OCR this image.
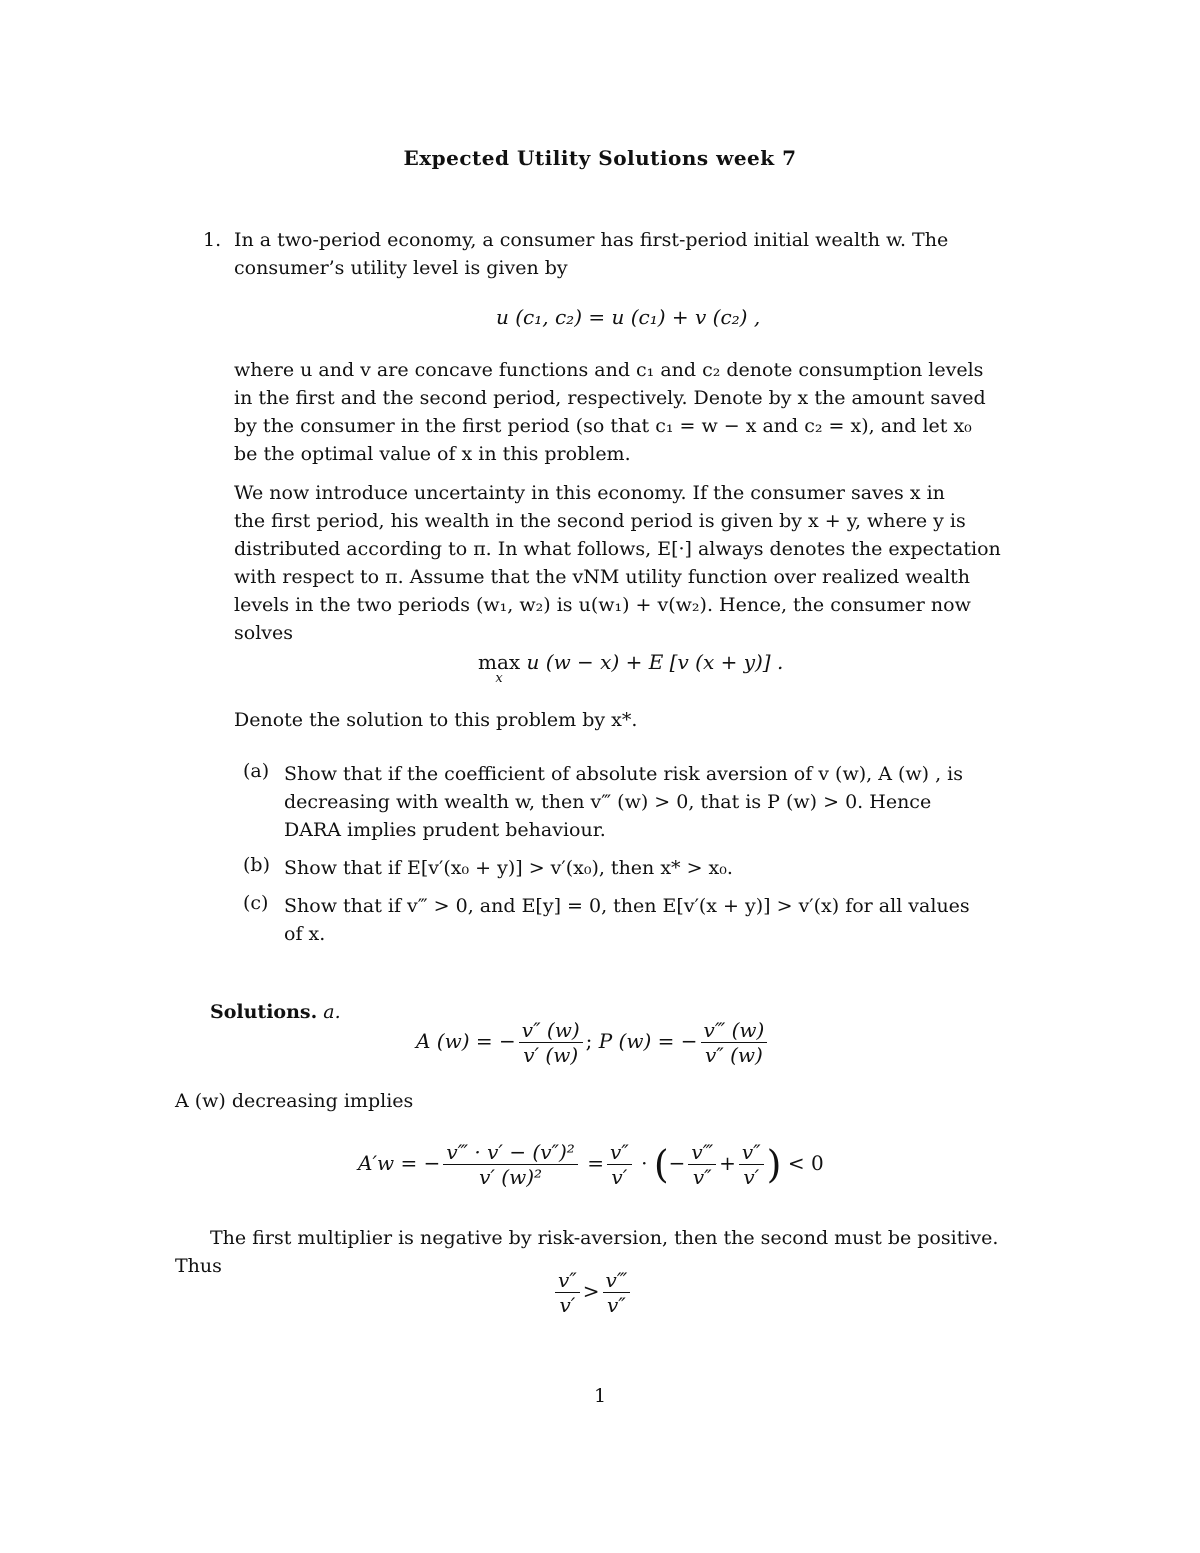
Expected Utility Solutions week 7
1. In a two-period economy, a consumer has first-period initial wealth w. The
consumer’s utility level is given by
u (c₁, c₂) = u (c₁) + v (c₂) ,
where u and v are concave functions and c₁ and c₂ denote consumption levels
in the first and the second period, respectively. Denote by x the amount saved
by the consumer in the first period (so that c₁ = w − x and c₂ = x), and let x₀
be the optimal value of x in this problem.
We now introduce uncertainty in this economy. If the consumer saves x in
the first period, his wealth in the second period is given by x + y, where y is
distributed according to π. In what follows, E[·] always denotes the expectation
with respect to π. Assume that the vNM utility function over realized wealth
levels in the two periods (w₁, w₂) is u(w₁) + v(w₂). Hence, the consumer now
solves
max
x
u (w − x) + E [v (x + y)] .
Denote the solution to this problem by x*.
(a) Show that if the coefficient of absolute risk aversion of v (w), A (w) , is
decreasing with wealth w, then v‴ (w) > 0, that is P (w) > 0. Hence
DARA implies prudent behaviour.
(b) Show that if E[v′(x₀ + y)] > v′(x₀), then x* > x₀.
(c) Show that if v‴ > 0, and E[y] = 0, then E[v′(x + y)] > v′(x) for all values
of x.
Solutions. a.
A (w) = − $\frac{v'' (w)}{v' (w)}$ ; P (w) = − $\frac{v‴ (w)}{v'' (w)}$
A (w) decreasing implies
A′w = − $\frac{\text{v‴ · v′ − (v″)²}}{\text{v′ (w)²}} = \frac{v''}{v'}$ · (− $\frac{v‴}{v''} + \frac{v''}{v'}$ ) < 0
The first multiplier is negative by risk-aversion, then the second must be positive.
Thus
$\frac{v''}{v'} > \frac{v‴}{v''}$
1
